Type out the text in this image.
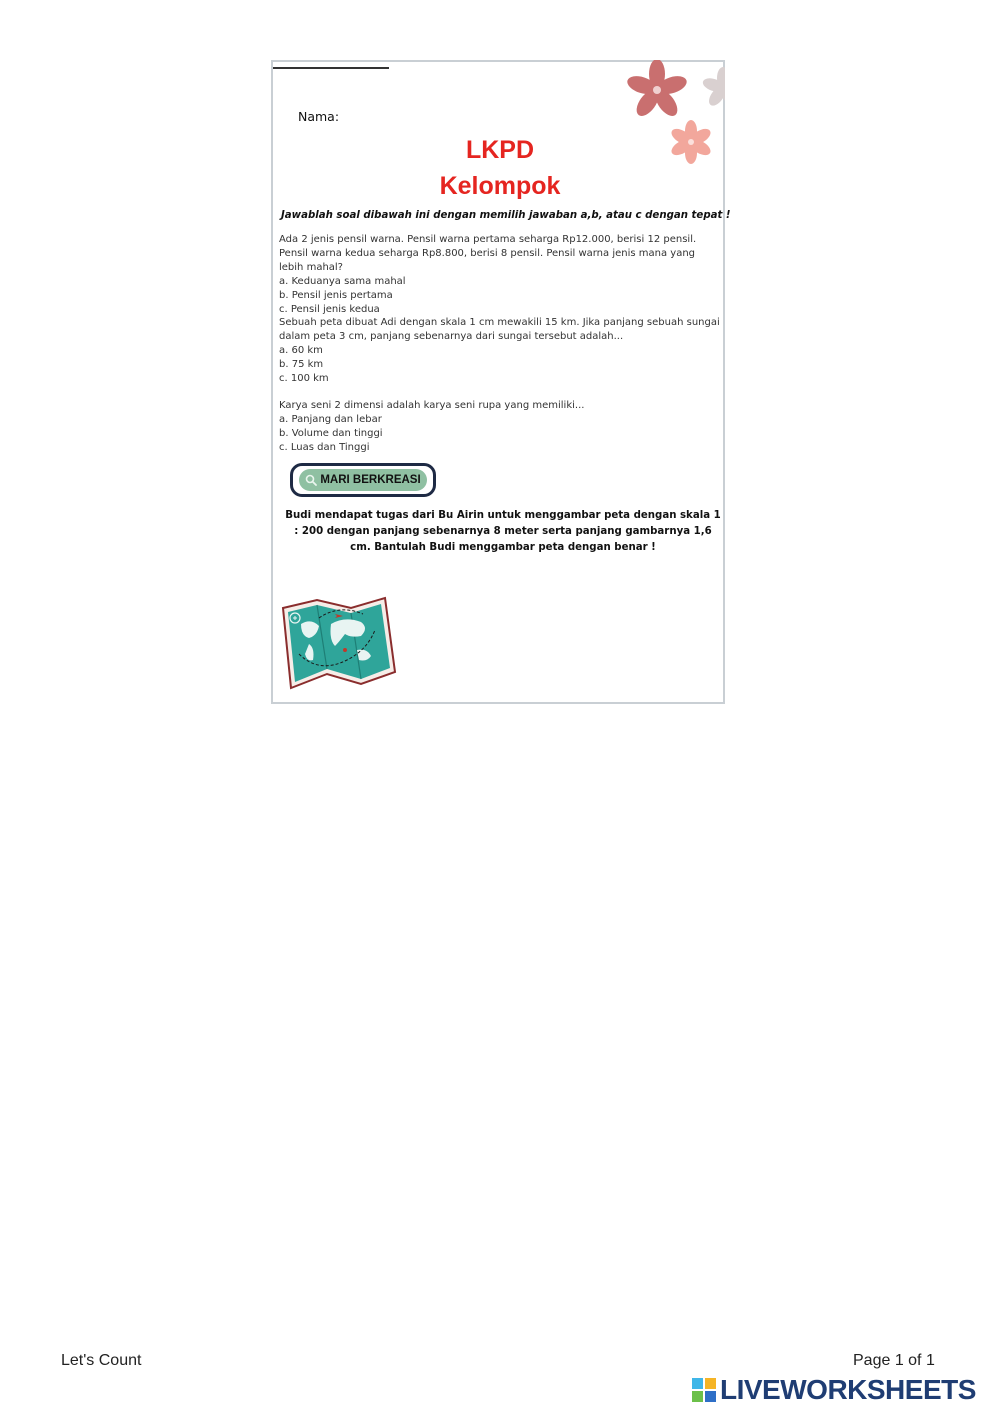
Nama:
LKPD
Kelompok
Jawablah soal dibawah ini dengan memilih jawaban a,b, atau c dengan tepat !

Ada 2 jenis pensil warna. Pensil warna pertama seharga Rp12.000, berisi 12 pensil. Pensil warna kedua seharga Rp8.800, berisi 8 pensil. Pensil warna jenis mana yang lebih mahal?

a. Keduanya sama mahal

b. Pensil jenis pertama

c. Pensil jenis kedua

Sebuah peta dibuat Adi dengan skala 1 cm mewakili 15 km. Jika panjang sebuah sungai dalam peta 3 cm, panjang sebenarnya dari sungai tersebut adalah...

a. 60 km

b. 75 km

c. 100 km

Karya seni 2 dimensi adalah karya seni rupa yang memiliki...

a. Panjang dan lebar

b. Volume dan tinggi

c. Luas dan Tinggi

MARI BERKREASI
Budi mendapat tugas dari Bu Airin untuk menggambar peta dengan skala 1 : 200 dengan panjang sebenarnya 8 meter serta panjang gambarnya 1,6 cm. Bantulah Budi menggambar peta dengan benar !
Let's Count	Page 1 of 1
LIVEWORKSHEETS
